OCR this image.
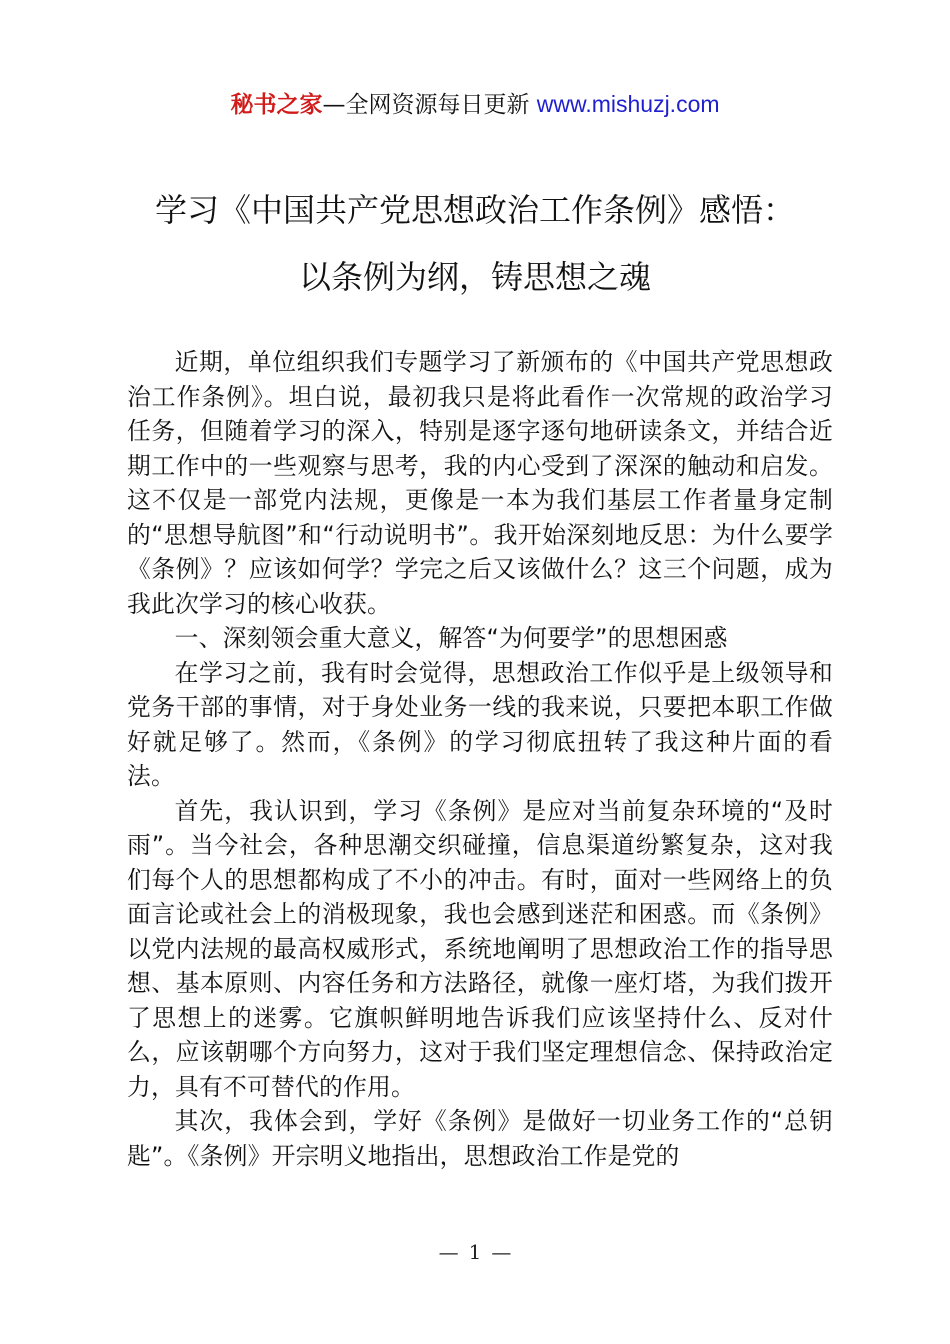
秘书之家—全网资源每日更新 www.mishuzj.com
学习《中国共产党思想政治工作条例》感悟：
以条例为纲，铸思想之魂

近期，单位组织我们专题学习了新颁布的《中国共产党思想政治工作条例》。坦白说，最初我只是将此看作一次常规的政治学习任务，但随着学习的深入，特别是逐字逐句地研读条文，并结合近期工作中的一些观察与思考，我的内心受到了深深的触动和启发。这不仅是一部党内法规，更像是一本为我们基层工作者量身定制的“思想导航图”和“行动说明书”。我开始深刻地反思：为什么要学《条例》？应该如何学？学完之后又该做什么？这三个问题，成为我此次学习的核心收获。

一、深刻领会重大意义，解答“为何要学”的思想困惑

在学习之前，我有时会觉得，思想政治工作似乎是上级领导和党务干部的事情，对于身处业务一线的我来说，只要把本职工作做好就足够了。然而，《条例》的学习彻底扭转了我这种片面的看法。

首先，我认识到，学习《条例》是应对当前复杂环境的“及时雨”。当今社会，各种思潮交织碰撞，信息渠道纷繁复杂，这对我们每个人的思想都构成了不小的冲击。有时，面对一些网络上的负面言论或社会上的消极现象，我也会感到迷茫和困惑。而《条例》以党内法规的最高权威形式，系统地阐明了思想政治工作的指导思想、基本原则、内容任务和方法路径，就像一座灯塔，为我们拨开了思想上的迷雾。它旗帜鲜明地告诉我们应该坚持什么、反对什么，应该朝哪个方向努力，这对于我们坚定理想信念、保持政治定力，具有不可替代的作用。

其次，我体会到，学好《条例》是做好一切业务工作的“总钥匙”。《条例》开宗明义地指出，思想政治工作是党的

— 1 —
